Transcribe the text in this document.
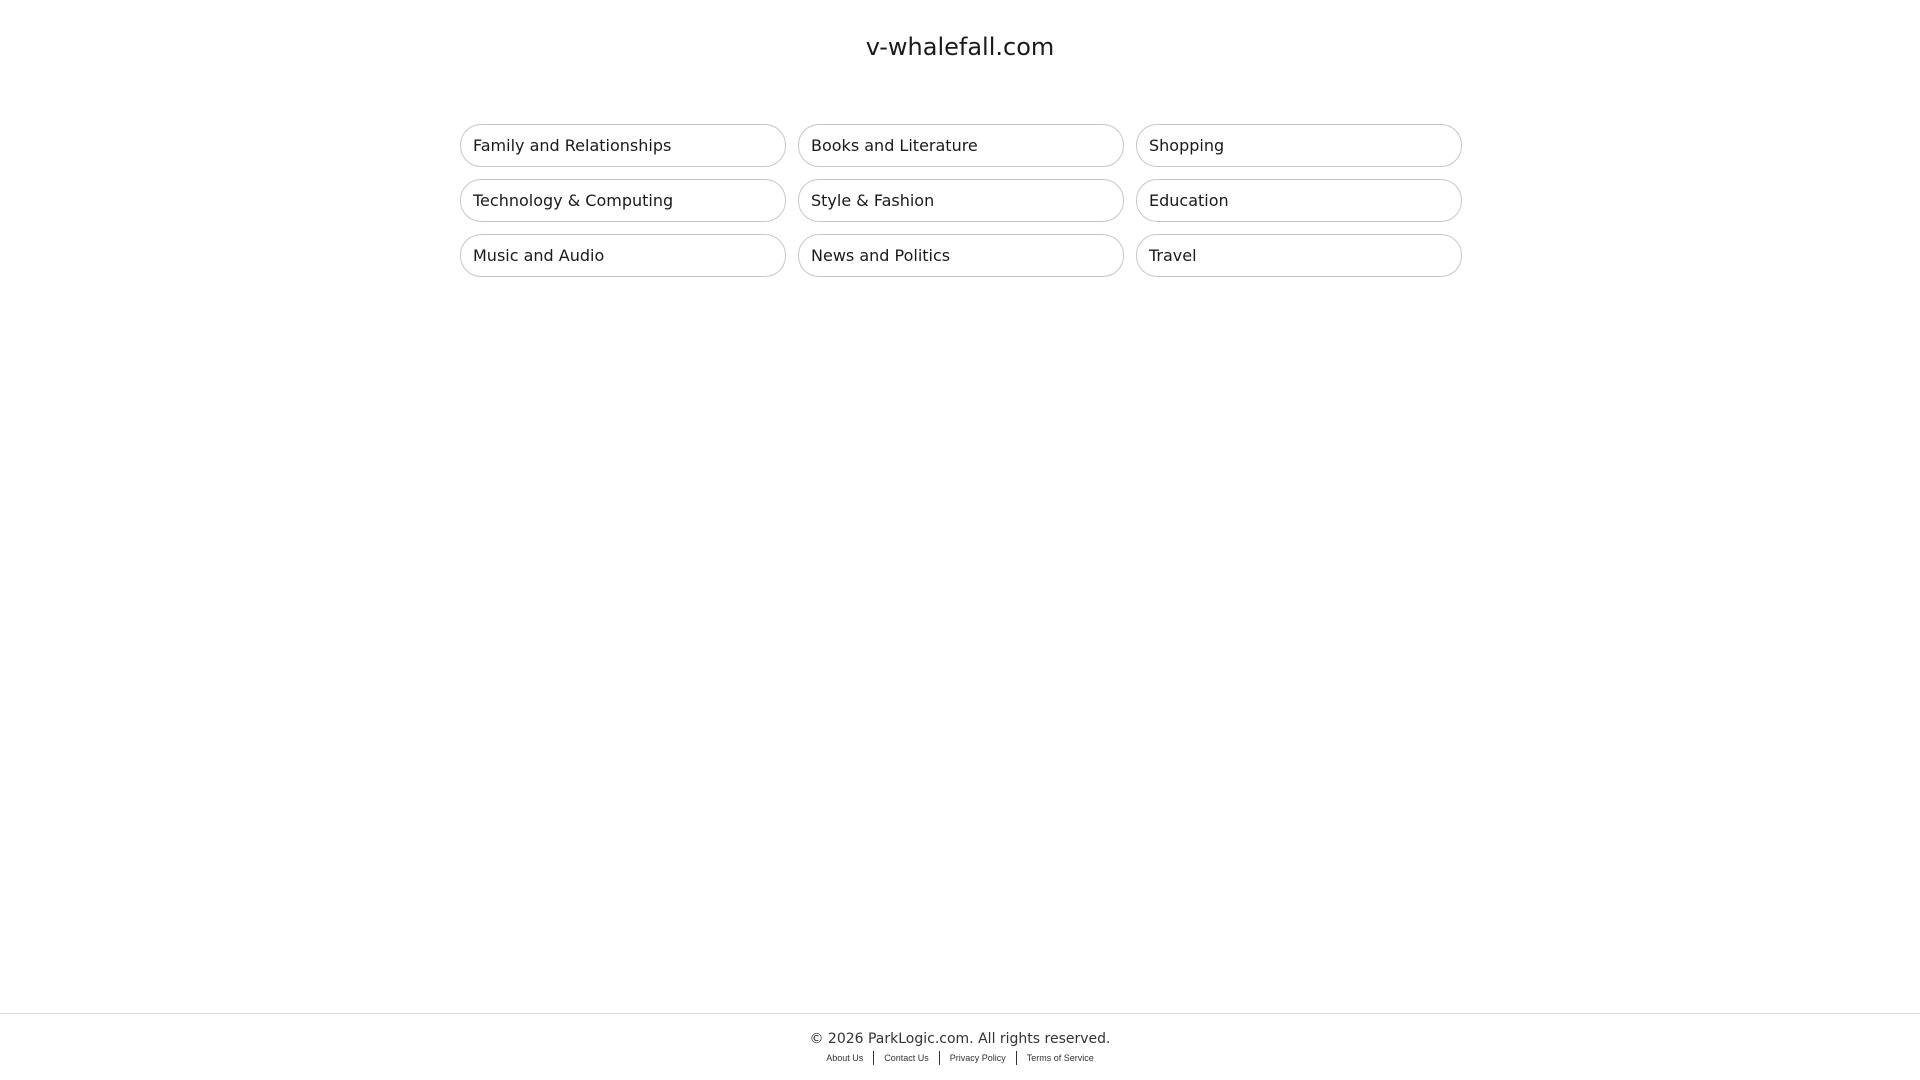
v-whalefall.com
Family and Relationships	Books and Literature	Shopping
Technology & Computing	Style & Fashion	Education
Music and Audio	News and Politics	Travel
© 2026 ParkLogic.com. All rights reserved.
About Us	Contact Us	Privacy Policy	Terms of Service
